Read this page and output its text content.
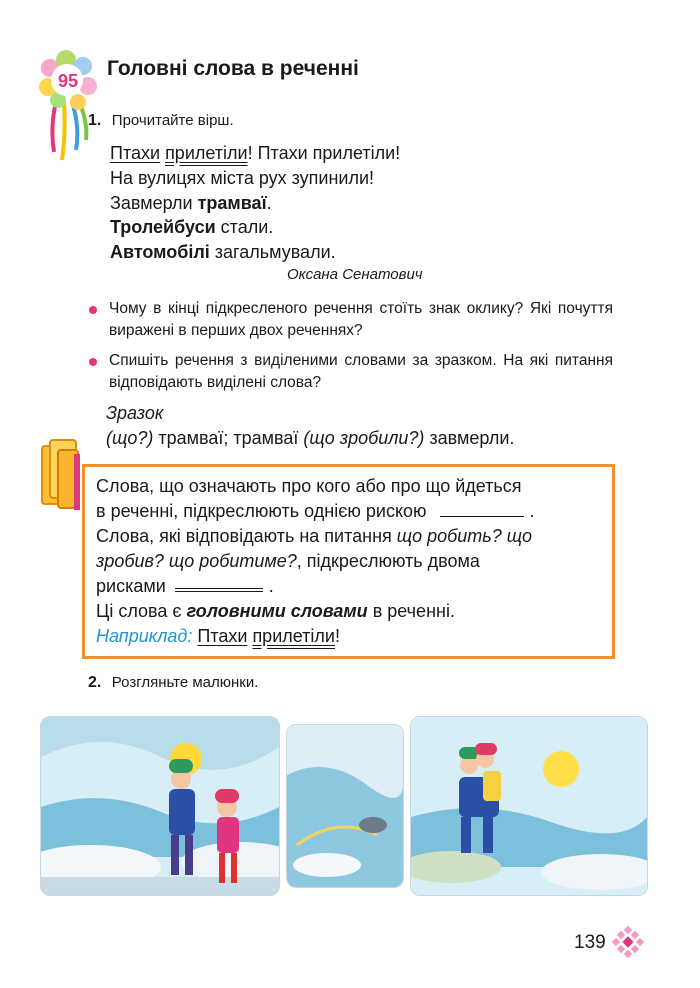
95
Головні слова в реченні
1. Прочитайте вірш.
Птахи прилетіли! Птахи прилетіли!
На вулицях міста рух зупинили!
Завмерли трамваї.
Тролейбуси стали.
Автомобілі загальмували.
Оксана Сенатович
Чому в кінці підкресленого речення стоїть знак оклику? Які почуття виражені в перших двох реченнях?
Спишіть речення з виділеними словами за зразком. На які питання відповідають виділені слова?
Зразок
(що?) трамваї; трамваї (що зробили?) завмерли.
Слова, що означають про кого або про що йдеться
в реченні, підкреслюють однією рискою	.
Слова, які відповідають на питання що робить? що
зробив? що робитиме?, підкреслюють двома
рисками	.
Ці слова є головними словами в реченні.
Наприклад: Птахи прилетіли!
2. Розгляньте малюнки.
139
